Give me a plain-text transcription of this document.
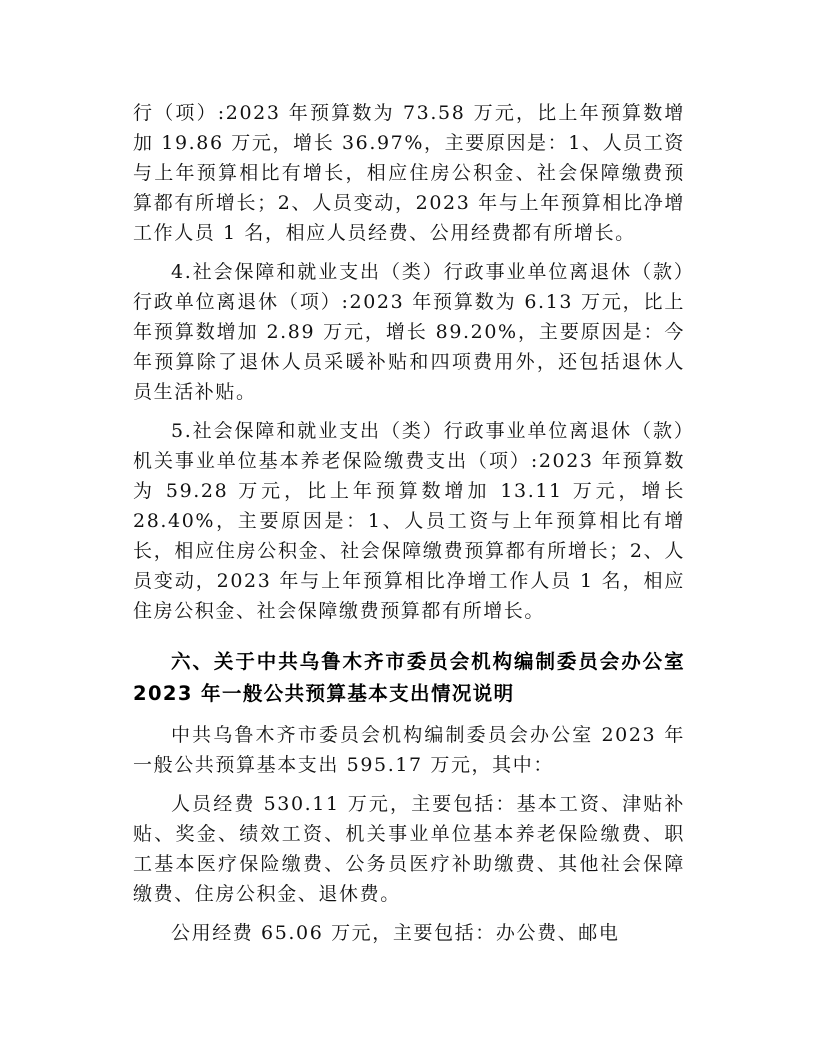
行（项）:2023 年预算数为 73.58 万元，比上年预算数增加 19.86 万元，增长 36.97%，主要原因是：1、人员工资与上年预算相比有增长，相应住房公积金、社会保障缴费预算都有所增长；2、人员变动，2023 年与上年预算相比净增工作人员 1 名，相应人员经费、公用经费都有所增长。

4.社会保障和就业支出（类）行政事业单位离退休（款）行政单位离退休（项）:2023 年预算数为 6.13 万元，比上年预算数增加 2.89 万元，增长 89.20%，主要原因是：今年预算除了退休人员采暖补贴和四项费用外，还包括退休人员生活补贴。

5.社会保障和就业支出（类）行政事业单位离退休（款）机关事业单位基本养老保险缴费支出（项）:2023 年预算数为 59.28 万元，比上年预算数增加 13.11 万元，增长 28.40%，主要原因是：1、人员工资与上年预算相比有增长，相应住房公积金、社会保障缴费预算都有所增长；2、人员变动，2023 年与上年预算相比净增工作人员 1 名，相应住房公积金、社会保障缴费预算都有所增长。

六、关于中共乌鲁木齐市委员会机构编制委员会办公室 2023 年一般公共预算基本支出情况说明

中共乌鲁木齐市委员会机构编制委员会办公室 2023 年一般公共预算基本支出 595.17 万元，其中：

人员经费 530.11 万元，主要包括：基本工资、津贴补贴、奖金、绩效工资、机关事业单位基本养老保险缴费、职工基本医疗保险缴费、公务员医疗补助缴费、其他社会保障缴费、住房公积金、退休费。

公用经费 65.06 万元，主要包括：办公费、邮电
